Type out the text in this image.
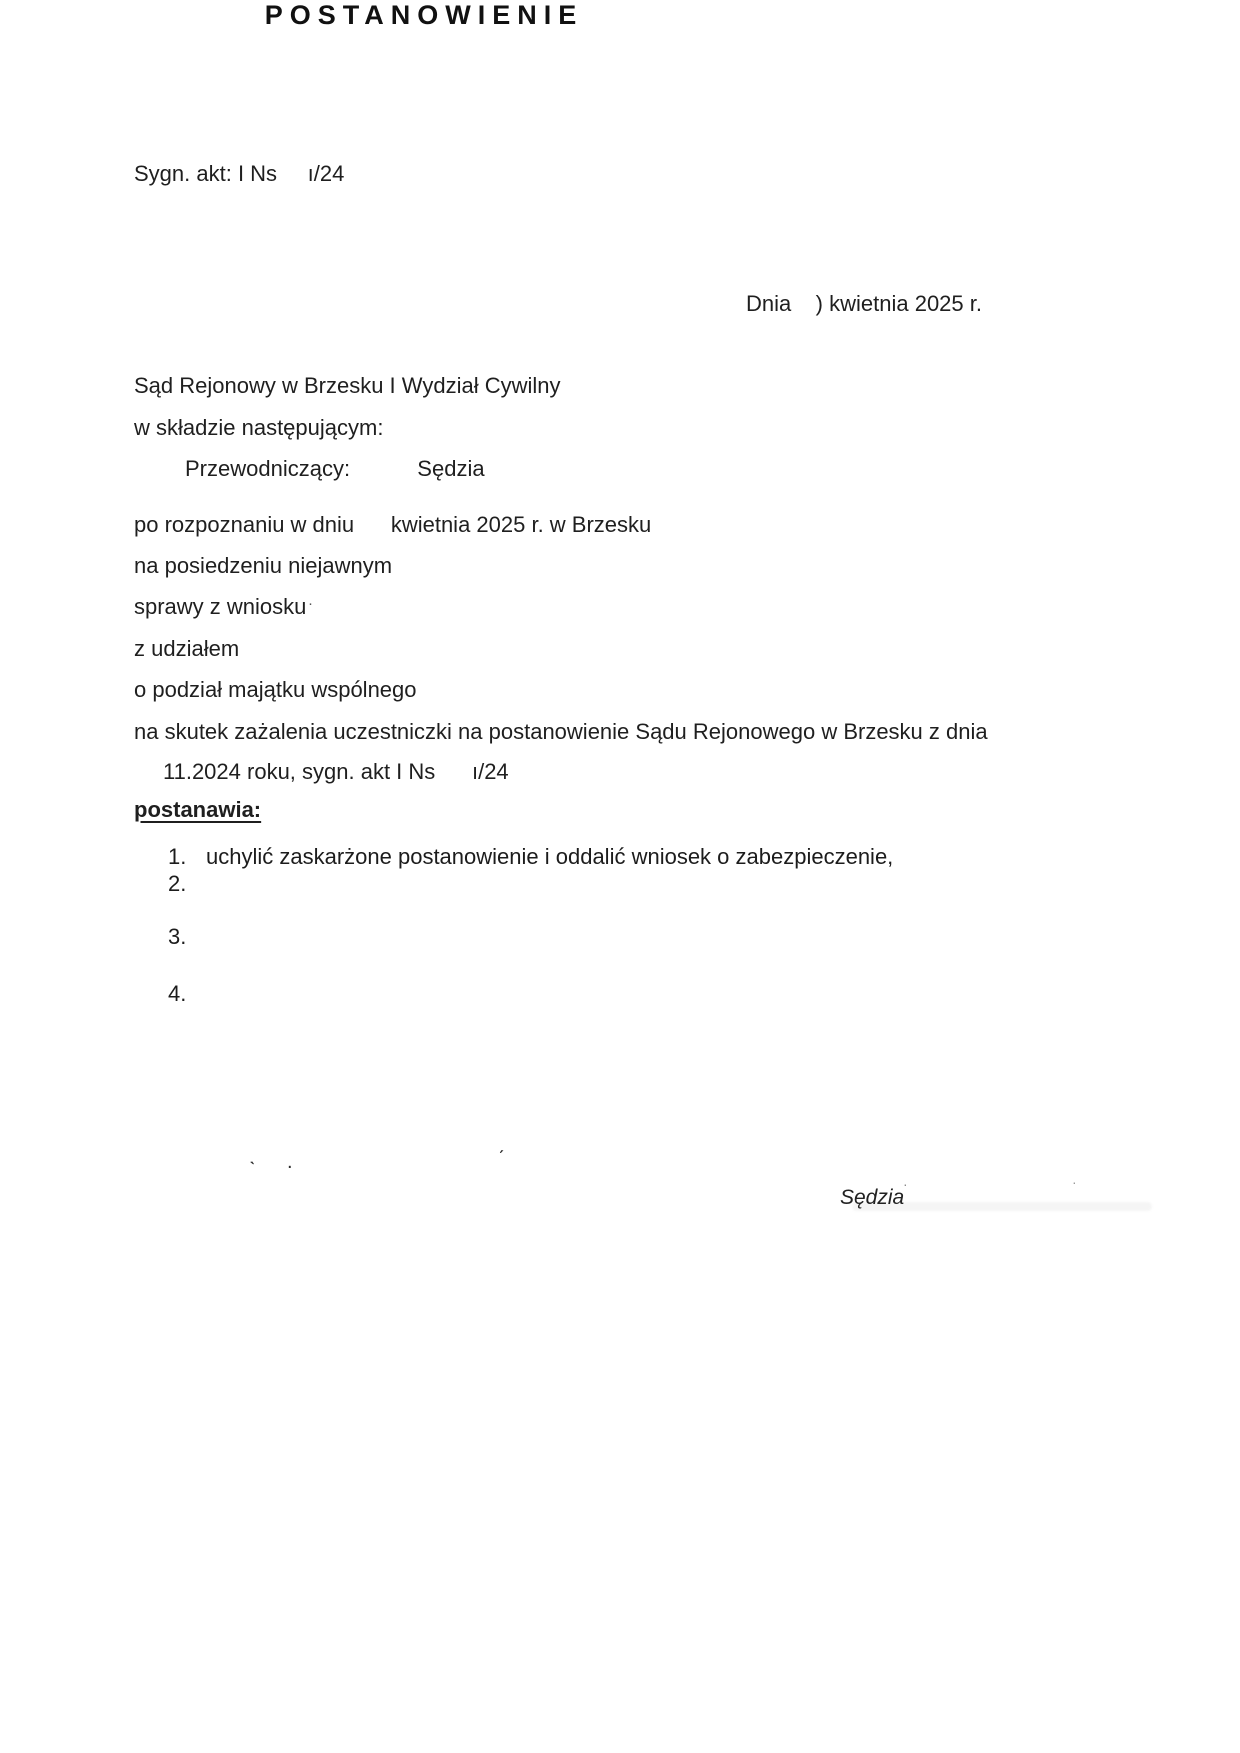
Sygn. akt: I Ns     ı/24
POSTANOWIENIE
Dnia    ) kwietnia 2025 r.
Sąd Rejonowy w Brzesku I Wydział Cywilny
w składzie następującym:
Przewodniczący:           Sędzia
po rozpoznaniu w dniu      kwietnia 2025 r. w Brzesku
na posiedzeniu niejawnym
sprawy z wniosku
z udziałem
o podział majątku wspólnego
na skutek zażalenia uczestniczki na postanowienie Sądu Rejonowego w Brzesku z dnia
11.2024 roku, sygn. akt I Ns      ı/24
postanawia:
1. uchylić zaskarżone postanowienie i oddalić wniosek o zabezpieczenie,
2.
3.
4.
ˋ .	ˊ
·	·
·
Sędzia
